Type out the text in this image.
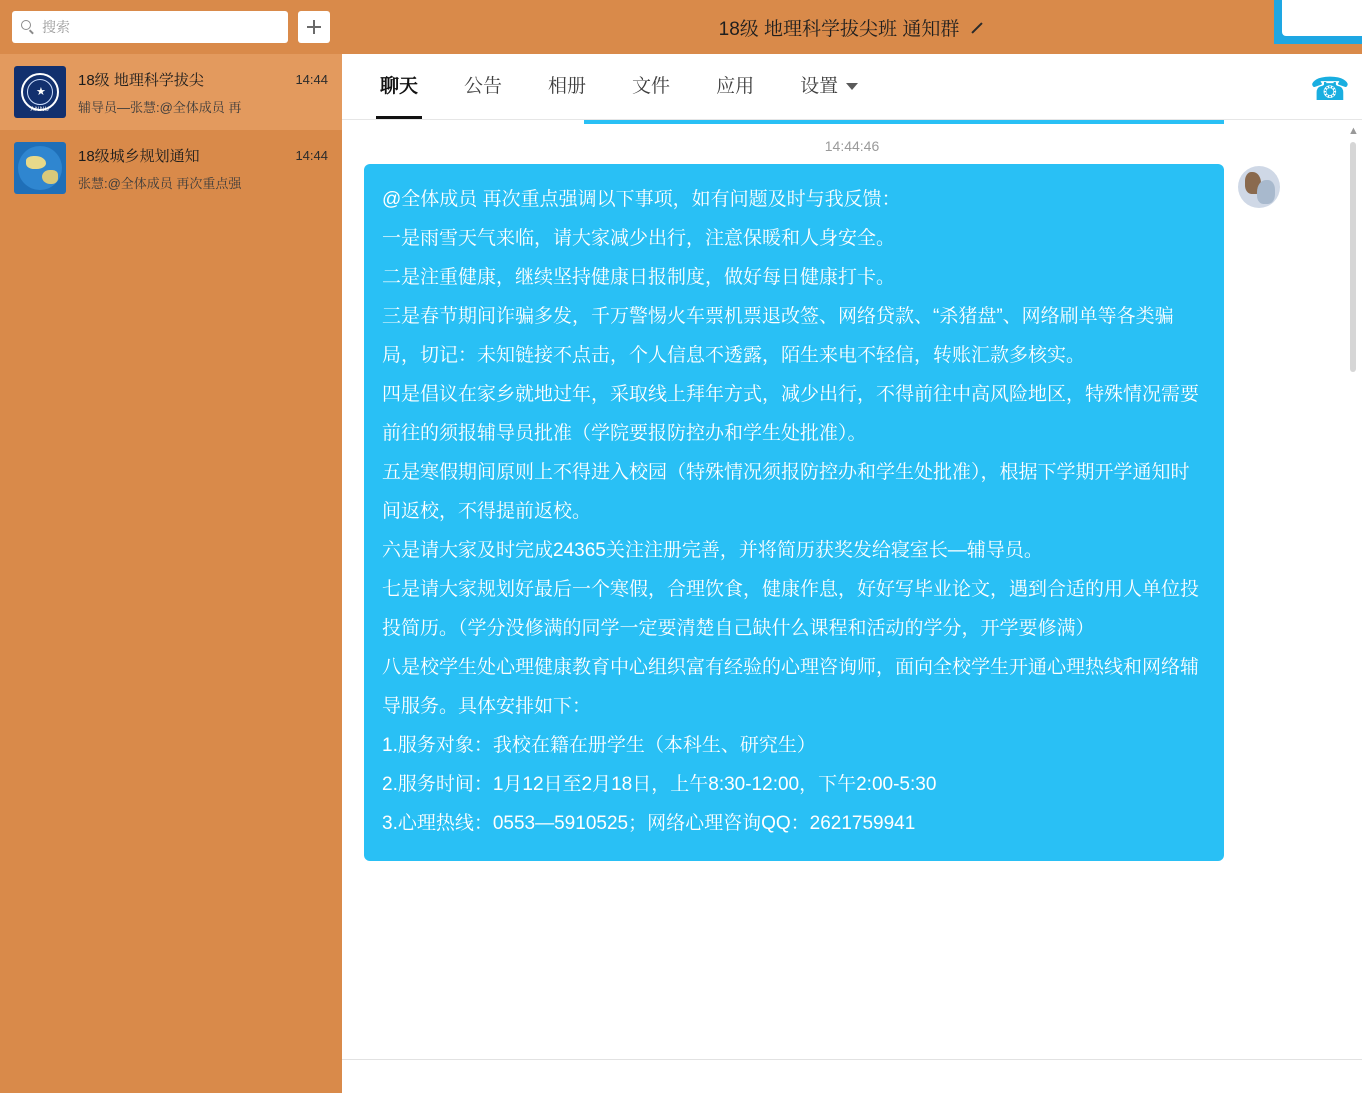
搜索
★
ANNU
18级 地理科学拔尖
辅导员—张慧:@全体成员 再
14:44
18级城乡规划通知
张慧:@全体成员 再次重点强
14:44
18级 地理科学拔尖班 通知群
聊天	公告	相册	文件	应用	设置	☎
14:44:46

@全体成员 再次重点强调以下事项，如有问题及时与我反馈：

一是雨雪天气来临，请大家减少出行，注意保暖和人身安全。

二是注重健康，继续坚持健康日报制度，做好每日健康打卡。

三是春节期间诈骗多发，千万警惕火车票机票退改签、网络贷款、“杀猪盘”、网络刷单等各类骗局，切记：未知链接不点击，个人信息不透露，陌生来电不轻信，转账汇款多核实。

四是倡议在家乡就地过年，采取线上拜年方式，减少出行，不得前往中高风险地区，特殊情况需要前往的须报辅导员批准（学院要报防控办和学生处批准）。

五是寒假期间原则上不得进入校园（特殊情况须报防控办和学生处批准），根据下学期开学通知时间返校，不得提前返校。

六是请大家及时完成24365关注注册完善，并将简历获奖发给寝室长—辅导员。

七是请大家规划好最后一个寒假，合理饮食，健康作息，好好写毕业论文，遇到合适的用人单位投投简历。（学分没修满的同学一定要清楚自己缺什么课程和活动的学分，开学要修满）

八是校学生处心理健康教育中心组织富有经验的心理咨询师，面向全校学生开通心理热线和网络辅导服务。具体安排如下：

1.服务对象：我校在籍在册学生（本科生、研究生）

2.服务时间：1月12日至2月18日，上午8:30-12:00，下午2:00-5:30

3.心理热线：0553—5910525；网络心理咨询QQ：2621759941

▲
